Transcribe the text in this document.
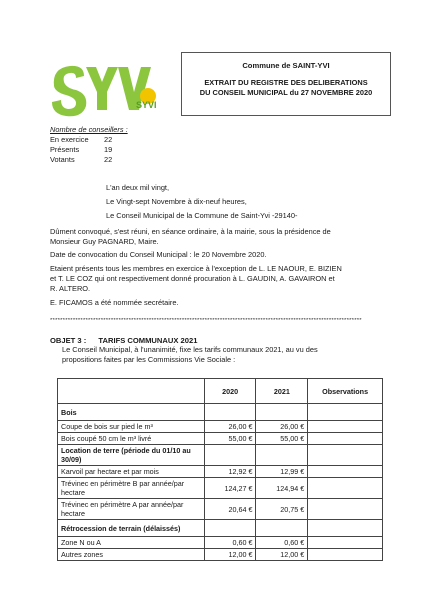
SYVI
Commune de SAINT-YVI
EXTRAIT DU REGISTRE DES DELIBERATIONS
DU CONSEIL MUNICIPAL du 27 NOVEMBRE 2020
Nombre de conseillers :
En exercice	22
Présents	19
Votants	22
L'an deux mil vingt,
Le Vingt-sept Novembre à dix-neuf heures,
Le Conseil Municipal de la Commune de Saint-Yvi -29140-
Dûment convoqué, s'est réuni, en séance ordinaire, à la mairie, sous la présidence de
Monsieur Guy PAGNARD, Maire.
Date de convocation du Conseil Municipal : le 20 Novembre 2020.
Etaient présents tous les membres en exercice à l'exception de L. LE NAOUR, E. BIZIEN
et T. LE COZ qui ont respectivement donné procuration à L. GAUDIN, A. GAVAIRON et
R. ALTERO.
E. FICAMOS a été nommée secrétaire.
***************************************************************************************************************************
OBJET 3 : TARIFS COMMUNAUX 2021
Le Conseil Municipal, à l'unanimité, fixe les tarifs communaux 2021, au vu des
propositions faites par les Commissions Vie Sociale :
	2020	2021	Observations
Bois			
Coupe de bois sur pied le m³	26,00 €	26,00 €	
Bois coupé 50 cm le m³ livré	55,00 €	55,00 €	
Location de terre (période du 01/10 au 30/09)			
Karvoil par hectare et par mois	12,92 €	12,99 €	
Trévinec en périmètre B par année/par hectare	124,27 €	124,94 €	
Trévinec en périmètre A par année/par hectare	20,64 €	20,75 €	
Rétrocession de terrain (délaissés)			
Zone N ou A	0,60 €	0,60 €	
Autres zones	12,00 €	12,00 €	
